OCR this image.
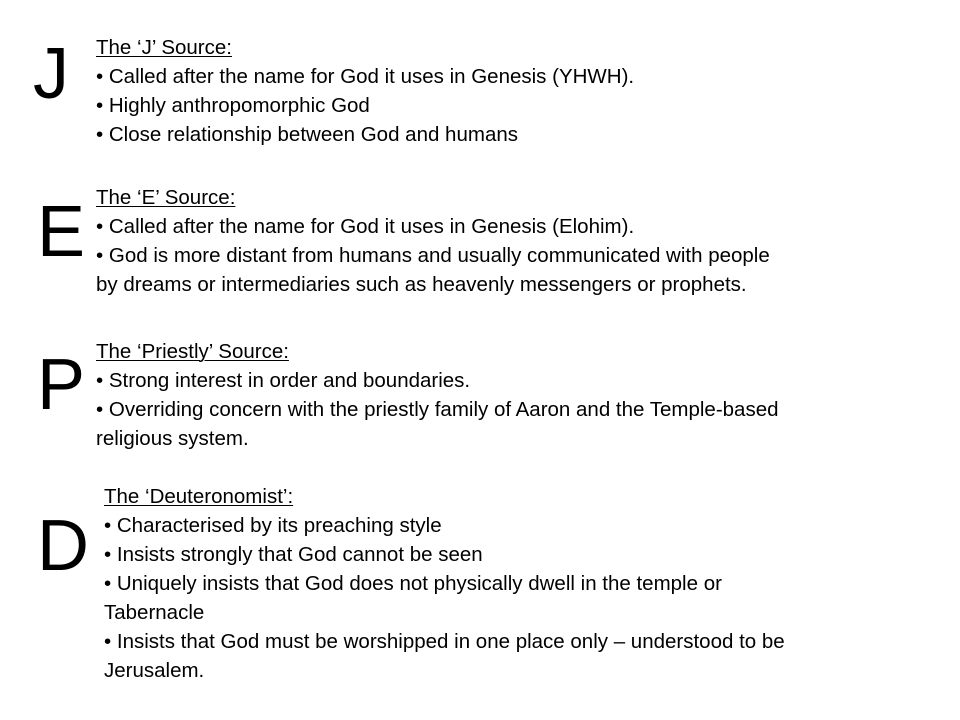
J
E
P
D
The ‘J’ Source:
• Called after the name for God it uses in Genesis (YHWH).
• Highly anthropomorphic God
• Close relationship between God and humans
The ‘E’ Source:
• Called after the name for God it uses in Genesis (Elohim).
• God is more distant from humans and usually communicated with people
by dreams or intermediaries such as heavenly messengers or prophets.
The ‘Priestly’ Source:
• Strong interest in order and boundaries.
• Overriding concern with the priestly family of Aaron and the Temple-based
religious system.
The ‘Deuteronomist’:
• Characterised by its preaching style
• Insists strongly that God cannot be seen
• Uniquely insists that God does not physically dwell in the temple or
Tabernacle
• Insists that God must be worshipped in one place only – understood to be
Jerusalem.
